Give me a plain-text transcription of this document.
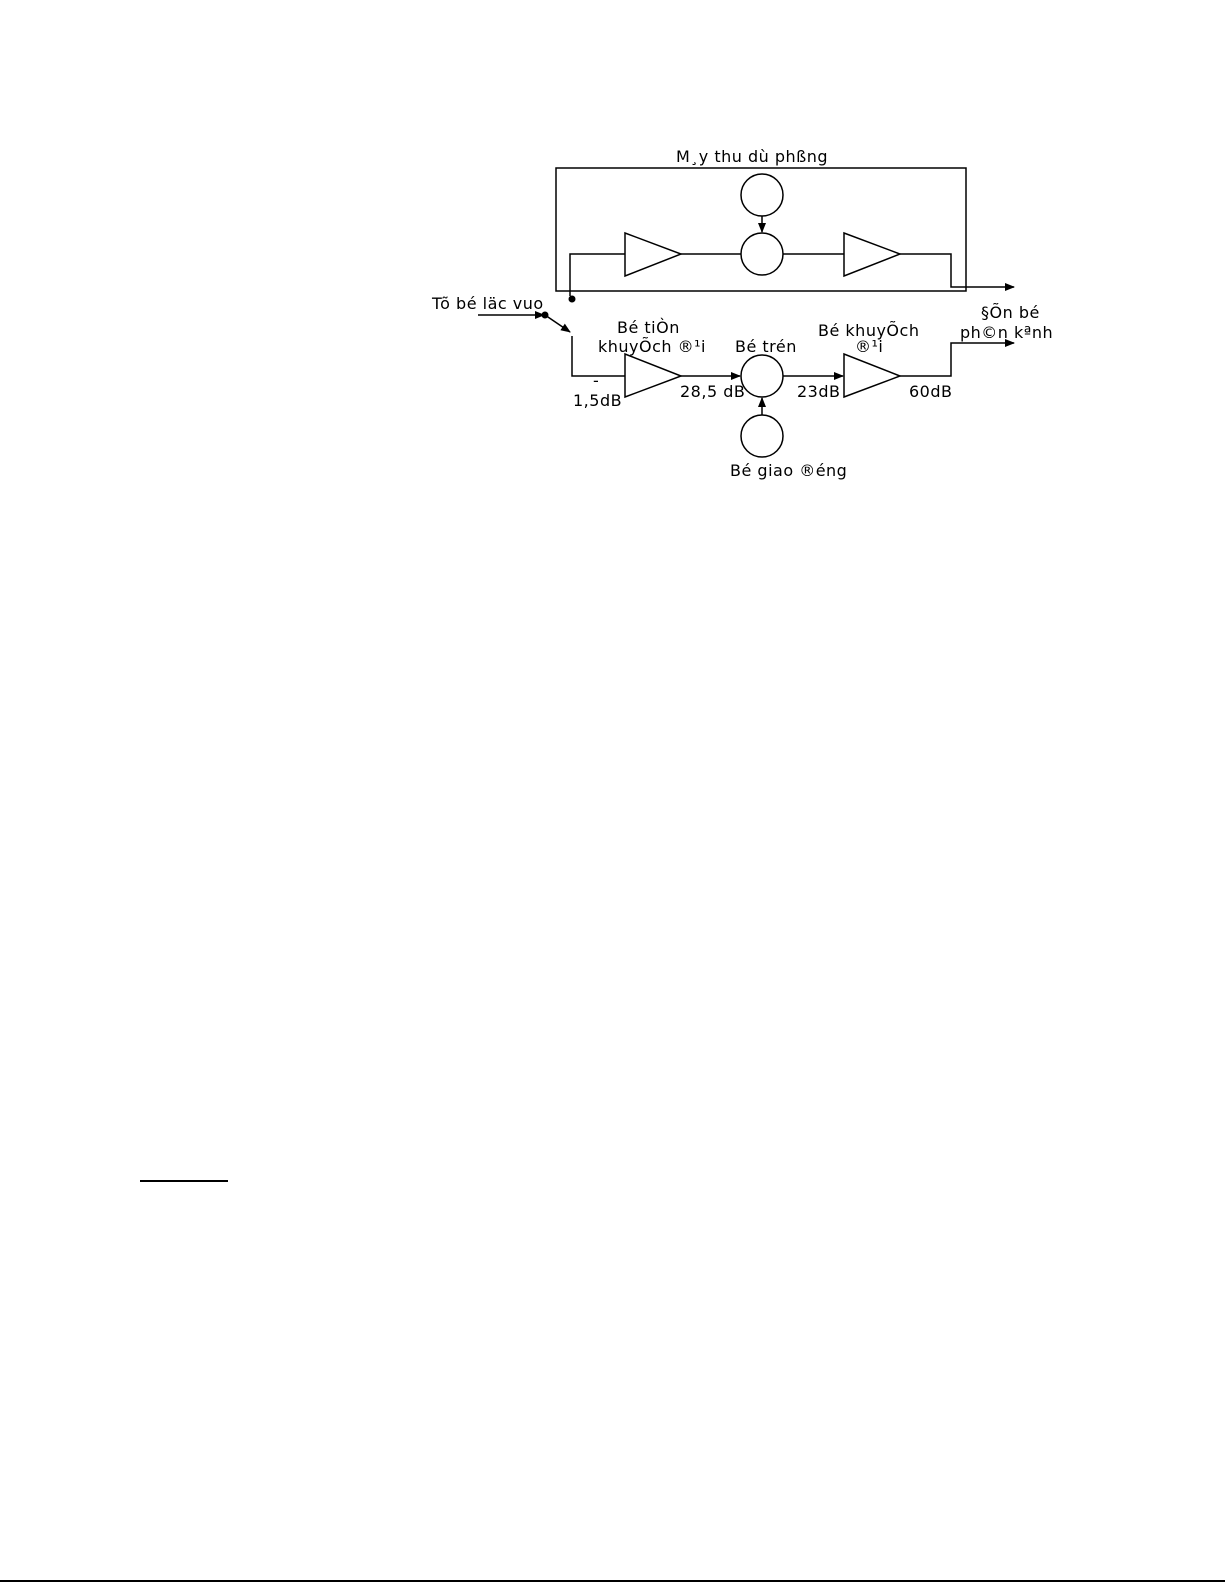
M¸y thu dù phßng
Tõ bé läc vuo
Bé tiÒn
khuyÕch ®¹i Bé trén
Bé khuyÕch
®¹i
§Õn bé
ph©n kªnh
Bé giao ®éng
-
1,5dB	28,5 dB	23dB	60dB
